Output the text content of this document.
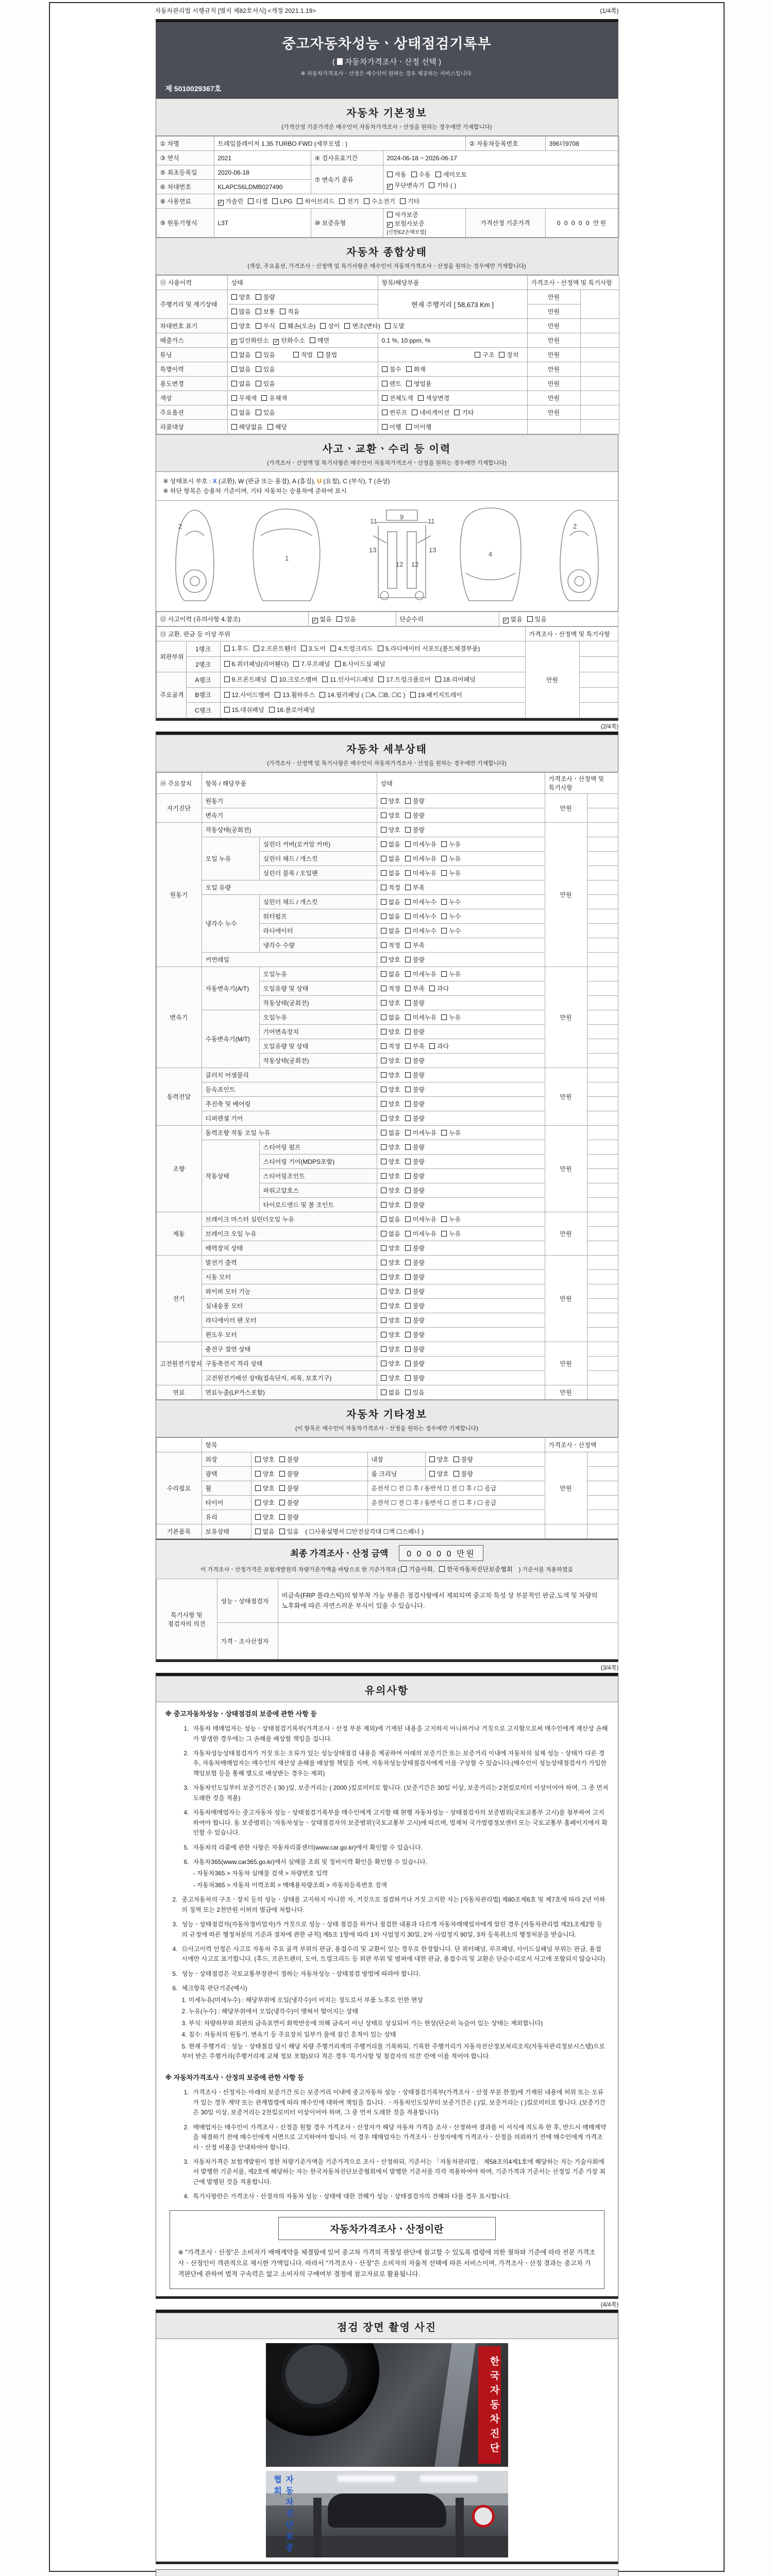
자동차관리법 시행규칙 [별지 제82호서식] <개정 2021.1.19>	(1/4쪽)
중고자동차성능ㆍ상태점검기록부
( 자동차가격조사ㆍ산정 선택 )
※ 자동차가격조사ㆍ산정은 매수인이 원하는 경우 제공하는 서비스입니다.
제 5010029367호
자동차 기본정보
(가격산정 기준가격은 매수인이 자동차가격조사ㆍ산정을 원하는 경우에만 기재합니다)
① 차명	트레일블레이저 1.35 TURBO FWD (세부모델 : )			② 자동차등록번호	396더9708
③ 연식	2021	④ 검사유효기간	2024-06-18 ~ 2026-06-17		
⑤ 최초등록일	2020-06-18	⑦ 변속기 종류	자동 수동 세미오토
✓ 무단변속기 기타 ( )		

⑥ 차대번호	KLAPC56LDMB027490				
⑧ 사용연료	✓ 가솔린 디젤 LPG 하이브리드 전기 수소전기 기타				
⑨ 원동기형식	L3T	⑩ 보증유형	자가보증✓ 보험사보증[신한EZ손해보험]	가격산정 기준가격	0 0 0 0 0 만원
자동차 종합상태
(색상, 주요옵션, 가격조사ㆍ산정액 및 특기사항은 매수인이 자동차가격조사ㆍ산정을 원하는 경우에만 기재합니다)
⑪ 사용이력	상태	항목/해당부품	가격조사ㆍ산정액 및 특기사항	
주행거리 및 계기상태	양호 불량	현재 주행거리 [ 58,673 Km ]	만원	
	많음 보통 적음		만원	
차대번호 표기	양호 부식 훼손(오손) 상이 변조(변타) 도말		만원	
배출가스	✓ 일산화탄소 ✓ 탄화수소 매연	0.1 %, 10 ppm, %	만원	
튜닝	없음 있음 적법 불법	구조 장치	만원	
특별이력	없음 있음	침수 화재	만원	
용도변경	없음 있음	렌트 영업용	만원	
색상	무채색 유채색	전체도색 색상변경	만원	
주요옵션	없음 있음	썬루프 네비게이션 기타	만원	
리콜대상	해당없음 해당	이행 미이행		
사고ㆍ교환ㆍ수리 등 이력
(가격조사ㆍ산정액 및 특기사항은 매수인이 자동차가격조사ㆍ산정을 원하는 경우에만 기재합니다)
※ 상태표시 부호 : X (교환), W (판금 또는 용접), A (흠집), U (요철), C (부식), T (손상)
※ 하단 항목은 승용차 기준이며, 기타 자동차는 승용차에 준하여 표시
2
1
11	11
13	13
12 12
9
4
2
⑫ 사고이력 (유의사항 4.참조)	✓ 없음 있음	단순수리	✓ 없음 있음
⑬ 교환, 판금 등 이상 부위			가격조사ㆍ산정액 및 특기사항	
외판부위	1랭크	1.후드 2.프론트휀더 3.도어 4.트렁크리드 5.라디에이터 서포트(볼트체결부품)	만원	
	2랭크	6.쿼더패널(리어휀다) 7.루프패널 8.사이드실 패널		
주요골격	A랭크	9.프론트패널 10.크로스멤버 11.인사이드패널 17.트렁크플로어 18.리어패널		
	B랭크	12.사이드멤버 13.휠하우스 14.필러패널 ( ☐A, ☐B, ☐C ) 19.패키지트레이		
	C랭크	15.대쉬패널 16.플로어패널		
(2/4쪽)
자동차 세부상태
(가격조사ㆍ산정액 및 특기사항은 매수인이 자동차가격조사ㆍ산정을 원하는 경우에만 기재합니다)
⑭ 주요장치	항목 / 해당부품		상태	가격조사ㆍ산정액 및 특기사항	
자기진단	원동기		양호 불량	만원	
	변속기		양호 불량		
원동기	작동상태(공회전)		양호 불량	만원	
	오일 누유	실린더 커버(로커암 커버)	없음 미세누유 누유		
		실린더 헤드 / 개스킷	없음 미세누유 누유		
		실린더 블록 / 오일팬	없음 미세누유 누유		
	오일 유량		적정 부족		
	냉각수 누수	실린더 헤드 / 개스킷	없음 미세누수 누수		
		워터펌프	없음 미세누수 누수		
		라디에이터	없음 미세누수 누수		
		냉각수 수량	적정 부족		
	커먼레일		양호 불량		
변속기	자동변속기(A/T)	오일누유	없음 미세누유 누유	만원	
		오일유량 및 상태	적정 부족 과다		
		작동상태(공회전)	양호 불량		
	수동변속기(M/T)	오일누유	없음 미세누유 누유		
		기어변속장치	양호 불량		
		오일유량 및 상태	적정 부족 과다		
		작동상태(공회전)	양호 불량		
동력전달	클러치 어셈블리		양호 불량	만원	
	등속죠인트		양호 불량		
	추진축 및 베어링		양호 불량		
	디퍼렌셜 기어		양호 불량		
조향	동력조향 작동 오일 누유		없음 미세누유 누유	만원	
	작동상태	스티어링 펌프	양호 불량		
		스티어링 기어(MDPS포함)	양호 불량		
		스티어링조인트	양호 불량		
		파워고압호스	양호 불량		
		타이로드엔드 및 볼 조인트	양호 불량		
제동	브레이크 마스터 실린더오일 누유		없음 미세누유 누유	만원	
	브레이크 오일 누유		없음 미세누유 누유		
	배력장치 상태		양호 불량		
전기	발전기 출력		양호 불량	만원	
	시동 모터		양호 불량		
	와이퍼 모터 기능		양호 불량		
	실내송풍 모터		양호 불량		
	라디에이터 팬 모터		양호 불량		
	윈도우 모터		양호 불량		
고전원전기장치	충전구 절연 상태		양호 불량	만원	
	구동축전지 격리 상태		양호 불량		
	고전원전기배선 상태(접속단자, 피복, 보호기구)		양호 불량		
연료	연료누출(LP가스포함)		없음 있음	만원	
자동차 기타정보
(이 항목은 매수인이 자동차가격조사ㆍ산정을 원하는 경우에만 기재합니다)
	항목				가격조사ㆍ산정액	
수리필요	외장	양호 불량	내장	양호 불량	만원	
	광택	양호 불량	룸 크리닝	양호 불량		
	휠	양호 불량	운전석 ☐ 전 ☐ 후 / 동반석 ☐ 전 ☐ 후 / ☐ 응급			
	타이어	양호 불량	운전석 ☐ 전 ☐ 후 / 동반석 ☐ 전 ☐ 후 / ☐ 응급			
	유리	양호 불량				
기본품목	보유상태	없음 있음 ( ☐사용설명서 ☐안전삼각대 ☐잭 ☐스패너 )				
최종 가격조사ㆍ산정 금액 0 0 0 0 0 만원
이 가격조사ㆍ산정가격은 보험개발원의 차량기준가액을 바탕으로 한 기준가격과 ( 기술사회, 한국자동차진단보증협회 ) 기준서를 적용하였음
특기사항 및 점검자의 의견	성능ㆍ상태점검자	비금속(FRP 플라스틱)의 탈부착 가능 부품은 점검사항에서 제외되며 중고차 특성 상 부분적인 판금,도색 및 차량의 노후화에 따른 자연스러운 부식이 있을 수 있습니다.
	가격ㆍ조사산정자	
(3/4쪽)
유의사항
※ 중고자동차성능ㆍ상태점검의 보증에 관한 사항 등
1. 자동차 매매업자는 성능ㆍ상태점검기록부(가격조사ㆍ산정 부분 제외)에 기재된 내용을 고지하지 아니하거나 거짓으로 고지함으로써 매수인에게 재산상 손해가 발생한 경우에는 그 손해를 배상할 책임을 집니다.
2. 자동차성능상태점검자가 거짓 또는 오류가 있는 성능상태점검 내용을 제공하여 아래의 보증기간 또는 보증거리 이내에 자동차의 실제 성능ㆍ상태가 다른 경우, 자동차매매업자는 매수인의 재산상 손해를 배상할 책임을 지며, 자동차성능상태점검자에게 이를 구상할 수 있습니다.(매수인이 성능상태점검자가 가입한 책임보험 등을 통해 별도로 배상받는 경우는 제외)
3. 자동차인도일부터 보증기간은 ( 30 )일, 보증거리는 ( 2000 )킬로미터로 합니다. (보증기간은 30일 이상, 보증거리는 2천킬로미터 이상이어야 하며, 그 중 먼저 도래한 것을 적용)
4. 자동차매매업자는 중고자동차 성능ㆍ상태점검기록부를 매수인에게 고지할 때 현행 자동차성능ㆍ상태점검자의 보증범위(국토교통부 고시)를 첨부하여 고지하여야 합니다. 동 보증범위는 '자동차성능ㆍ상태점검자의 보증범위'(국토교통부 고시)에 따르며, 법제처 국가법령정보센터 또는 국토교통부 홈페이지에서 확인할 수 있습니다.
5. 자동차의 리콜에 관한 사항은 자동차리콜센터(www.car.go.kr)에서 확인할 수 있습니다.
6. 자동차365(www.car365.go.kr)에서 실매물 조회 및 정비이력 확인을 확인할 수 있습니다.
- 자동차365 > 자동차 실매물 검색 > 차량번호 입력
- 자동차365 > 자동차 이력조회 > 매매용차량조회 > 자동차등록번호 검색
2. 중고자동차의 구조ㆍ장치 등의 성능ㆍ상태를 고지하지 아니한 자, 거짓으로 점검하거나 거짓 고지한 자는 [자동차관리법] 제80조제6호 및 제7호에 따라 2년 이하의 징역 또는 2천만원 이하의 벌금에 처합니다.
3. 성능ㆍ상태점검자(자동차정비업자)가 거짓으로 성능ㆍ상태 점검을 하거나 점검한 내용과 다르게 자동차매매업자에게 알린 경우 [자동차관리법 제21조제2항 등의 규정에 따른 행정처분의 기준과 절차에 관한 규칙] 제5조 1항에 따라 1차 사업정지 30일, 2차 사업정지 90일, 3차 등록취소의 행정처분을 받습니다.
4. ⑫사고이력 인정은 사고로 자동차 주요 골격 부위의 판금, 용접수리 및 교환이 있는 경우로 한정합니다. 단 쿼터패널, 루프패널, 사이드실패널 부위는 판금, 용접 시에만 사고로 표기합니다. (후드, 프론트펜더, 도어, 트렁크리드 등 외판 부위 및 범퍼에 대한 판금, 용접수리 및 교환은 단순수리로서 사고에 포함되지 않습니다)
5. 성능ㆍ상태점검은 국토교통부장관이 정하는 자동차성능ㆍ상태점검 방법에 따라야 합니다.
6. 체크항목 판단기준(예시)
1. 미세누유(미세누수) : 해당부위에 오일(냉각수)이 비치는 정도로서 부품 노후로 인한 현상
2. 누유(누수) : 해당부위에서 오일(냉각수)이 맺혀서 떨어지는 상태
3. 부식: 차량하부와 외판의 금속표면이 화학반응에 의해 금속이 아닌 상태로 상실되어 가는 현상(단순히 녹슬어 있는 상태는 제외합니다)
4. 침수: 자동차의 원동기, 변속기 등 주요장치 일부가 물에 잠긴 흔적이 있는 상태
5. 현재 주행거리 : 성능ㆍ상태점검 당시 해당 차량 주행거리계의 주행거리를 기록하되, 기록한 주행거리가 자동차전산정보처리조직(자동차관리정보시스템)으로부터 받은 주행거리(주행거리계 교체 정보 포함)보다 적은 경우 '특기사항 및 점검자의 의견' 란에 이를 적어야 합니다.
※ 자동차가격조사ㆍ산정의 보증에 관한 사항 등
1. 가격조사ㆍ산정자는 아래의 보증기간 또는 보증거리 이내에 중고자동차 성능ㆍ상태점검기록부(가격조사ㆍ산정 부분 한정)에 기재된 내용에 허위 또는 오류가 있는 경우 계약 또는 관계법령에 따라 매수인에 대하여 책임을 집니다. ㆍ자동차인도일부터 보증기간은 ( )일, 보증거리는 ( )킬로미터로 합니다. (보증기간은 30일 이상, 보증거리는 2천킬로미터 이상이어야 하며, 그 중 먼저 도래한 것을 적용합니다)
2. 매매업자는 매수인이 가격조사ㆍ산정을 원할 경우 가격조사ㆍ산정자가 해당 자동차 가격을 조사ㆍ산정하여 결과를 이 서식에 적도록 한 후, 반드시 매매계약을 체결하기 전에 매수인에게 서면으로 고지하여야 합니다. 이 경우 매매업자는 가격조사ㆍ산정자에게 가격조사ㆍ산정을 의뢰하기 전에 매수인에게 가격조사ㆍ산정 비용을 안내하여야 합니다.
3. 자동차가격은 보험개발원이 정한 차량기준가액을 기준가격으로 조사ㆍ산정하되, 기준서는 「자동차관리법」 제58조의4제1호에 해당하는 자는 기술사회에서 발행한 기준서를, 제2호에 해당하는 자는 한국자동차진단보증협회에서 발행한 기준서를 각각 적용하여야 하며, 기준가격과 기준서는 산정일 기준 가장 최근에 발행된 것을 적용합니다.
4. 특기사항란은 가격조사ㆍ산정자의 자동차 성능ㆍ상태에 대한 견해가 성능ㆍ상태점검자의 견해와 다를 경우 표시합니다.
자동차가격조사ㆍ산정이란
※ "가격조사ㆍ산정"은 소비자가 매매계약을 체결함에 있어 중고차 가격의 적절성 판단에 참고할 수 있도록 법령에 의한 절차와 기준에 따라 전문 가격조사ㆍ산정인이 객관적으로 제시한 가액입니다. 따라서 "가격조사ㆍ산정"은 소비자의 자율적 선택에 따른 서비스이며, 가격조사ㆍ산정 결과는 중고차 가격판단에 관하여 법적 구속력은 없고 소비자의 구매여부 결정에 참고자료로 활용됩니다.
(4/4쪽)
점검 장면 촬영 사진
한국자동차진단
자동차진단보증협회
